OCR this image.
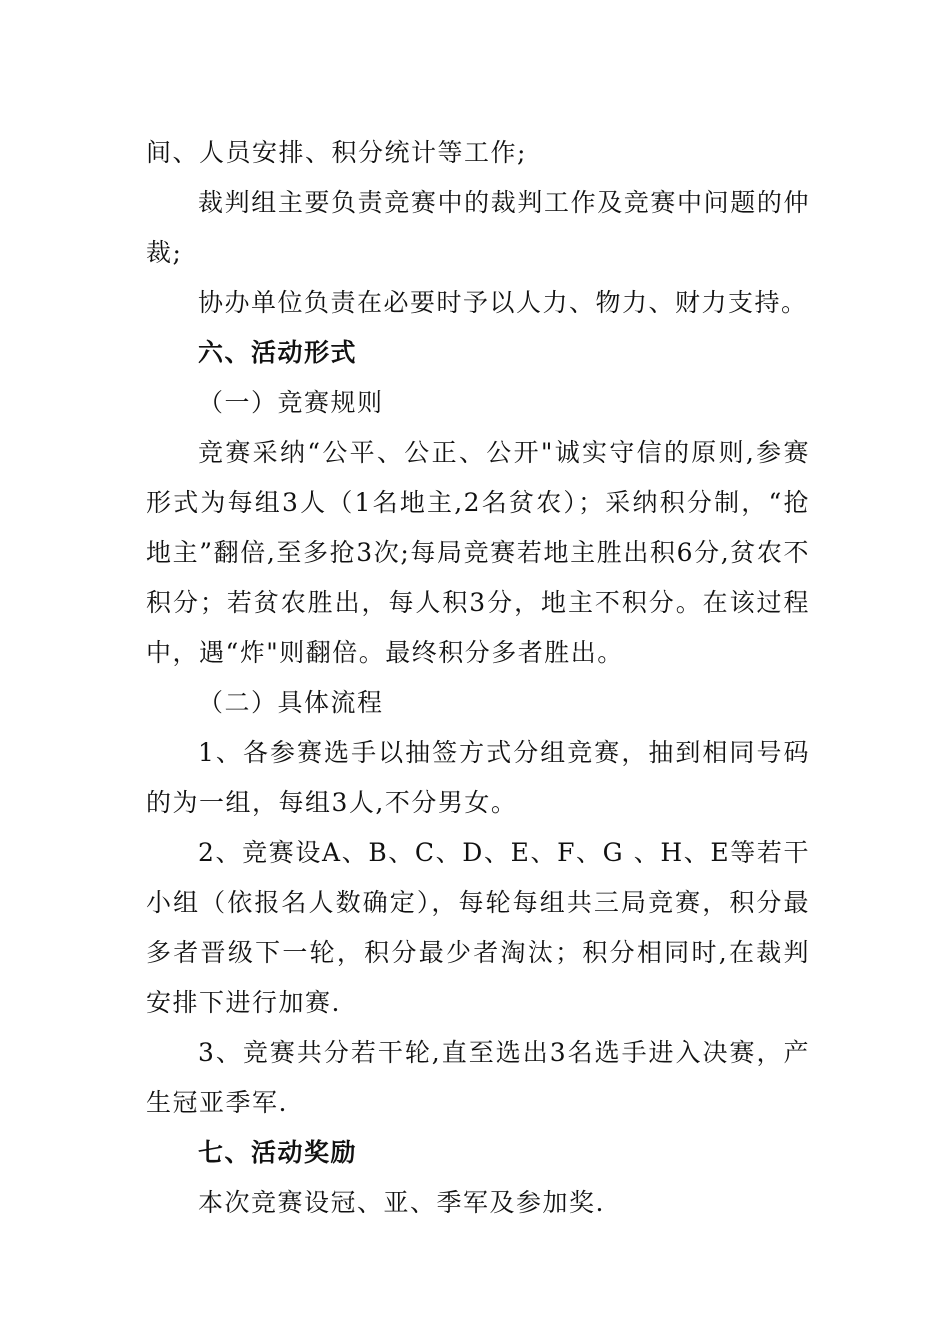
间、人员安排、积分统计等工作;

裁判组主要负责竞赛中的裁判工作及竞赛中问题的仲裁;

协办单位负责在必要时予以人力、物力、财力支持。

六、活动形式

（一）竞赛规则

竞赛采纳“公平、公正、公开"诚实守信的原则,参赛形式为每组3人（1名地主,2名贫农）；采纳积分制，“抢地主”翻倍,至多抢3次;每局竞赛若地主胜出积6分,贫农不积分；若贫农胜出，每人积3分，地主不积分。在该过程中，遇“炸"则翻倍。最终积分多者胜出。

（二）具体流程

1、各参赛选手以抽签方式分组竞赛，抽到相同号码的为一组，每组3人,不分男女。

2、竞赛设A、B、C、D、E、F、G 、H、E等若干小组（依报名人数确定），每轮每组共三局竞赛，积分最多者晋级下一轮，积分最少者淘汰；积分相同时,在裁判安排下进行加赛.

3、竞赛共分若干轮,直至选出3名选手进入决赛，产生冠亚季军.

七、活动奖励

本次竞赛设冠、亚、季军及参加奖.
